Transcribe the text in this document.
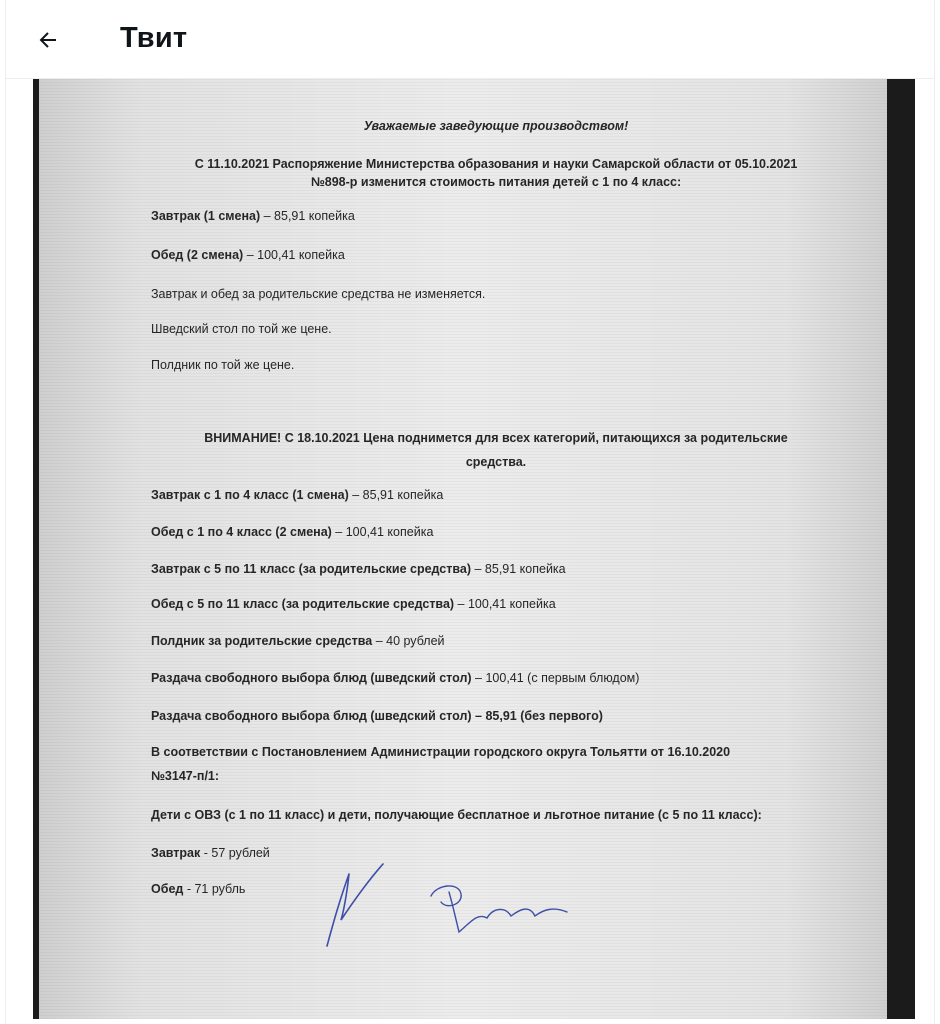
Твит
Уважаемые заведующие производством!
С 11.10.2021 Распоряжение Министерства образования и науки Самарской области от 05.10.2021
№898-р изменится стоимость питания детей с 1 по 4 класс:
Завтрак (1 смена) – 85,91 копейка
Обед (2 смена) – 100,41 копейка
Завтрак и обед за родительские средства не изменяется.
Шведский стол по той же цене.
Полдник по той же цене.
ВНИМАНИЕ! С 18.10.2021 Цена поднимется для всех категорий, питающихся за родительские
средства.
Завтрак с 1 по 4 класс (1 смена) – 85,91 копейка
Обед с 1 по 4 класс (2 смена) – 100,41 копейка
Завтрак с 5 по 11 класс (за родительские средства) – 85,91 копейка
Обед с 5 по 11 класс (за родительские средства) – 100,41 копейка
Полдник за родительские средства – 40 рублей
Раздача свободного выбора блюд (шведский стол) – 100,41 (с первым блюдом)
Раздача свободного выбора блюд (шведский стол) – 85,91 (без первого)
В соответствии с Постановлением Администрации городского округа Тольятти от 16.10.2020
№3147-п/1:
Дети с ОВЗ (с 1 по 11 класс) и дети, получающие бесплатное и льготное питание (с 5 по 11 класс):
Завтрак - 57 рублей
Обед - 71 рубль
